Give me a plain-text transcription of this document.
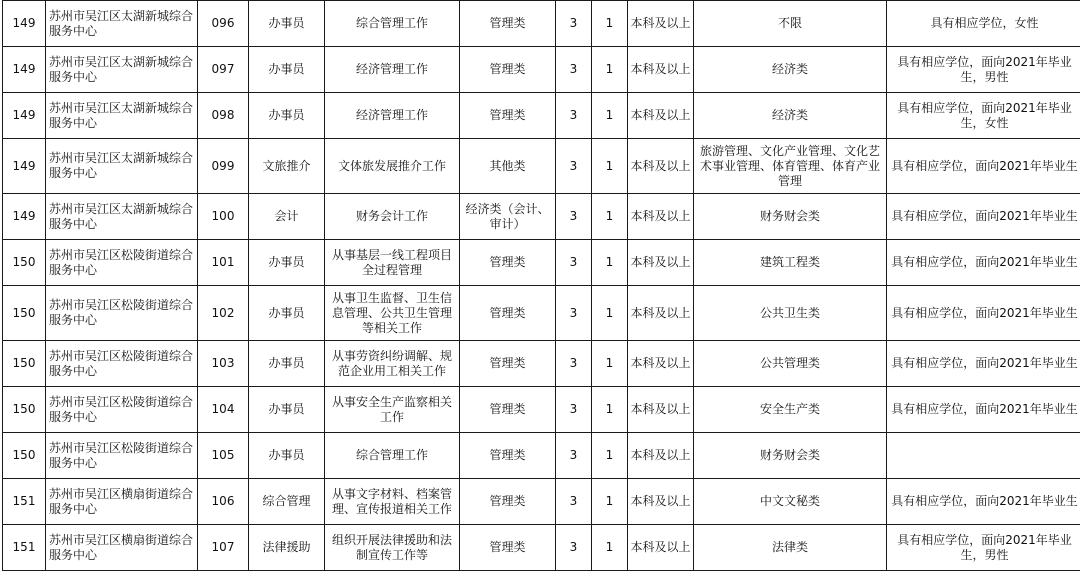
149	苏州市吴江区太湖新城综合服务中心	096	办事员	综合管理工作	管理类	3	1	本科及以上	不限	具有相应学位，女性
149	苏州市吴江区太湖新城综合服务中心	097	办事员	经济管理工作	管理类	3	1	本科及以上	经济类	具有相应学位，面向2021年毕业生，男性
149	苏州市吴江区太湖新城综合服务中心	098	办事员	经济管理工作	管理类	3	1	本科及以上	经济类	具有相应学位，面向2021年毕业生，女性
149	苏州市吴江区太湖新城综合服务中心	099	文旅推介	文体旅发展推介工作	其他类	3	1	本科及以上	旅游管理、文化产业管理、文化艺术事业管理、体育管理、体育产业管理	具有相应学位，面向2021年毕业生
149	苏州市吴江区太湖新城综合服务中心	100	会计	财务会计工作	经济类（会计、审计）	3	1	本科及以上	财务财会类	具有相应学位，面向2021年毕业生
150	苏州市吴江区松陵街道综合服务中心	101	办事员	从事基层一线工程项目全过程管理	管理类	3	1	本科及以上	建筑工程类	具有相应学位，面向2021年毕业生
150	苏州市吴江区松陵街道综合服务中心	102	办事员	从事卫生监督、卫生信息管理、公共卫生管理等相关工作	管理类	3	1	本科及以上	公共卫生类	具有相应学位，面向2021年毕业生
150	苏州市吴江区松陵街道综合服务中心	103	办事员	从事劳资纠纷调解、规范企业用工相关工作	管理类	3	1	本科及以上	公共管理类	具有相应学位，面向2021年毕业生
150	苏州市吴江区松陵街道综合服务中心	104	办事员	从事安全生产监察相关工作	管理类	3	1	本科及以上	安全生产类	具有相应学位，面向2021年毕业生
150	苏州市吴江区松陵街道综合服务中心	105	办事员	综合管理工作	管理类	3	1	本科及以上	财务财会类	
151	苏州市吴江区横扇街道综合服务中心	106	综合管理	从事文字材料、档案管理、宣传报道相关工作	管理类	3	1	本科及以上	中文文秘类	具有相应学位，面向2021年毕业生
151	苏州市吴江区横扇街道综合服务中心	107	法律援助	组织开展法律援助和法制宣传工作等	管理类	3	1	本科及以上	法律类	具有相应学位，面向2021年毕业生，男性
